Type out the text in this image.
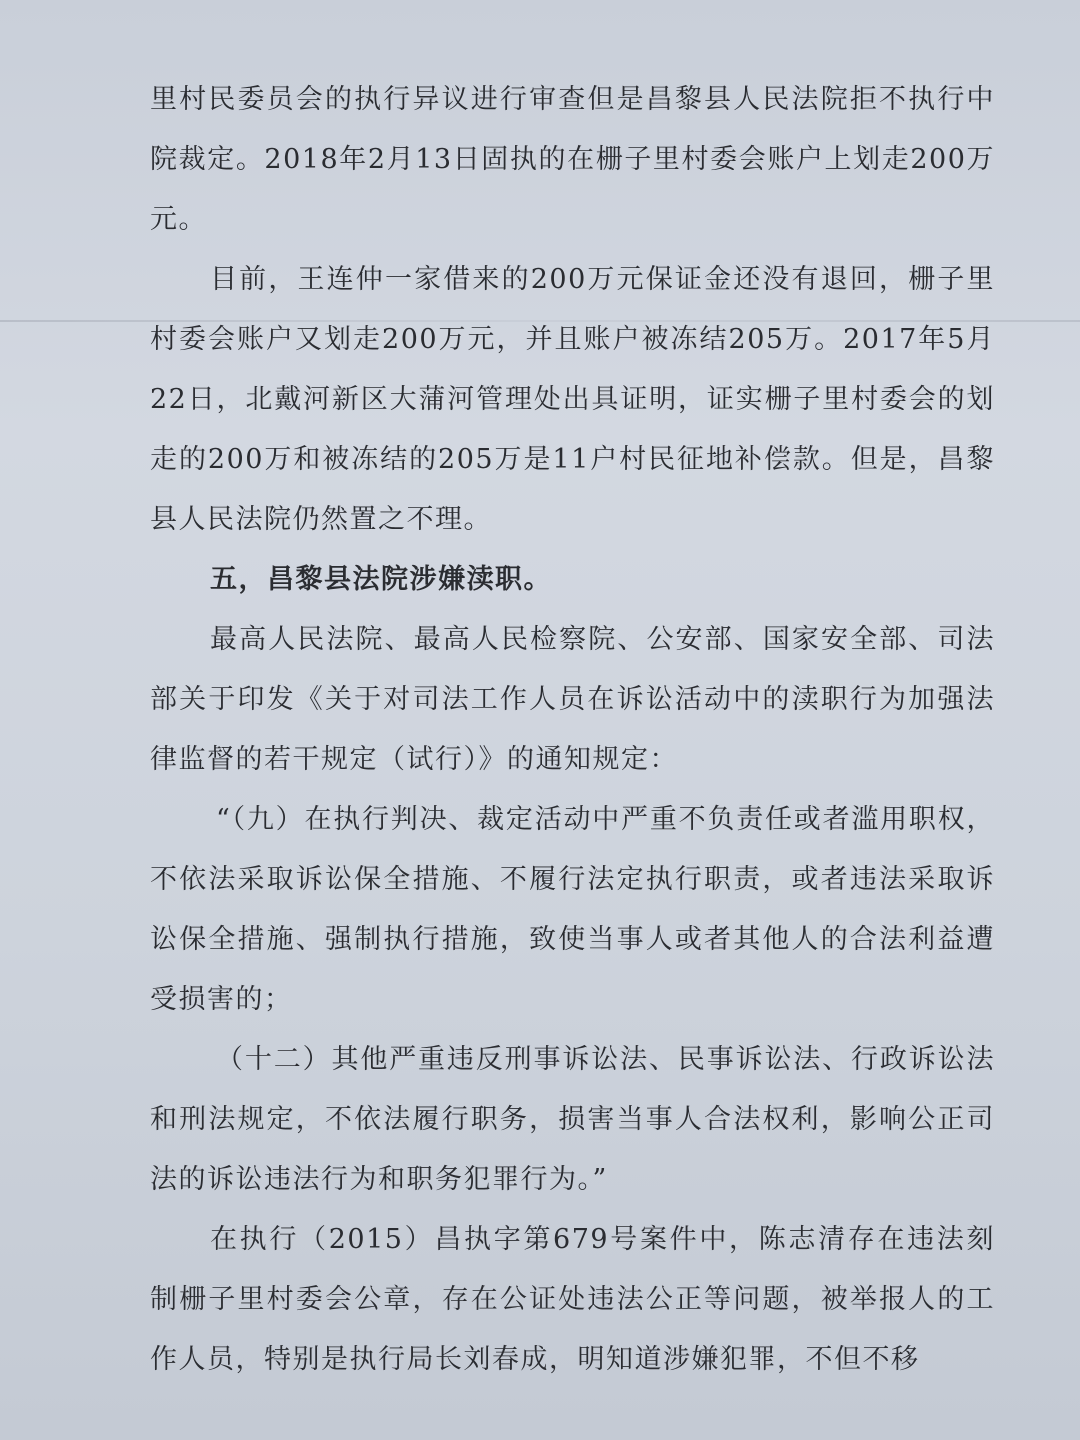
里村民委员会的执行异议进行审查但是昌黎县人民法院拒不执行中院裁定。2018年2月13日固执的在栅子里村委会账户上划走200万元。

目前，王连仲一家借来的200万元保证金还没有退回，栅子里村委会账户又划走200万元，并且账户被冻结205万。2017年5月22日，北戴河新区大蒲河管理处出具证明，证实栅子里村委会的划走的200万和被冻结的205万是11户村民征地补偿款。但是，昌黎县人民法院仍然置之不理。

五，昌黎县法院涉嫌渎职。

最高人民法院、最高人民检察院、公安部、国家安全部、司法部关于印发《关于对司法工作人员在诉讼活动中的渎职行为加强法律监督的若干规定（试行）》的通知规定：

“（九）在执行判决、裁定活动中严重不负责任或者滥用职权，不依法采取诉讼保全措施、不履行法定执行职责，或者违法采取诉讼保全措施、强制执行措施，致使当事人或者其他人的合法利益遭受损害的；

（十二）其他严重违反刑事诉讼法、民事诉讼法、行政诉讼法和刑法规定，不依法履行职务，损害当事人合法权利，影响公正司法的诉讼违法行为和职务犯罪行为。”

在执行（2015）昌执字第679号案件中，陈志清存在违法刻制栅子里村委会公章，存在公证处违法公正等问题，被举报人的工作人员，特别是执行局长刘春成，明知道涉嫌犯罪，不但不移
